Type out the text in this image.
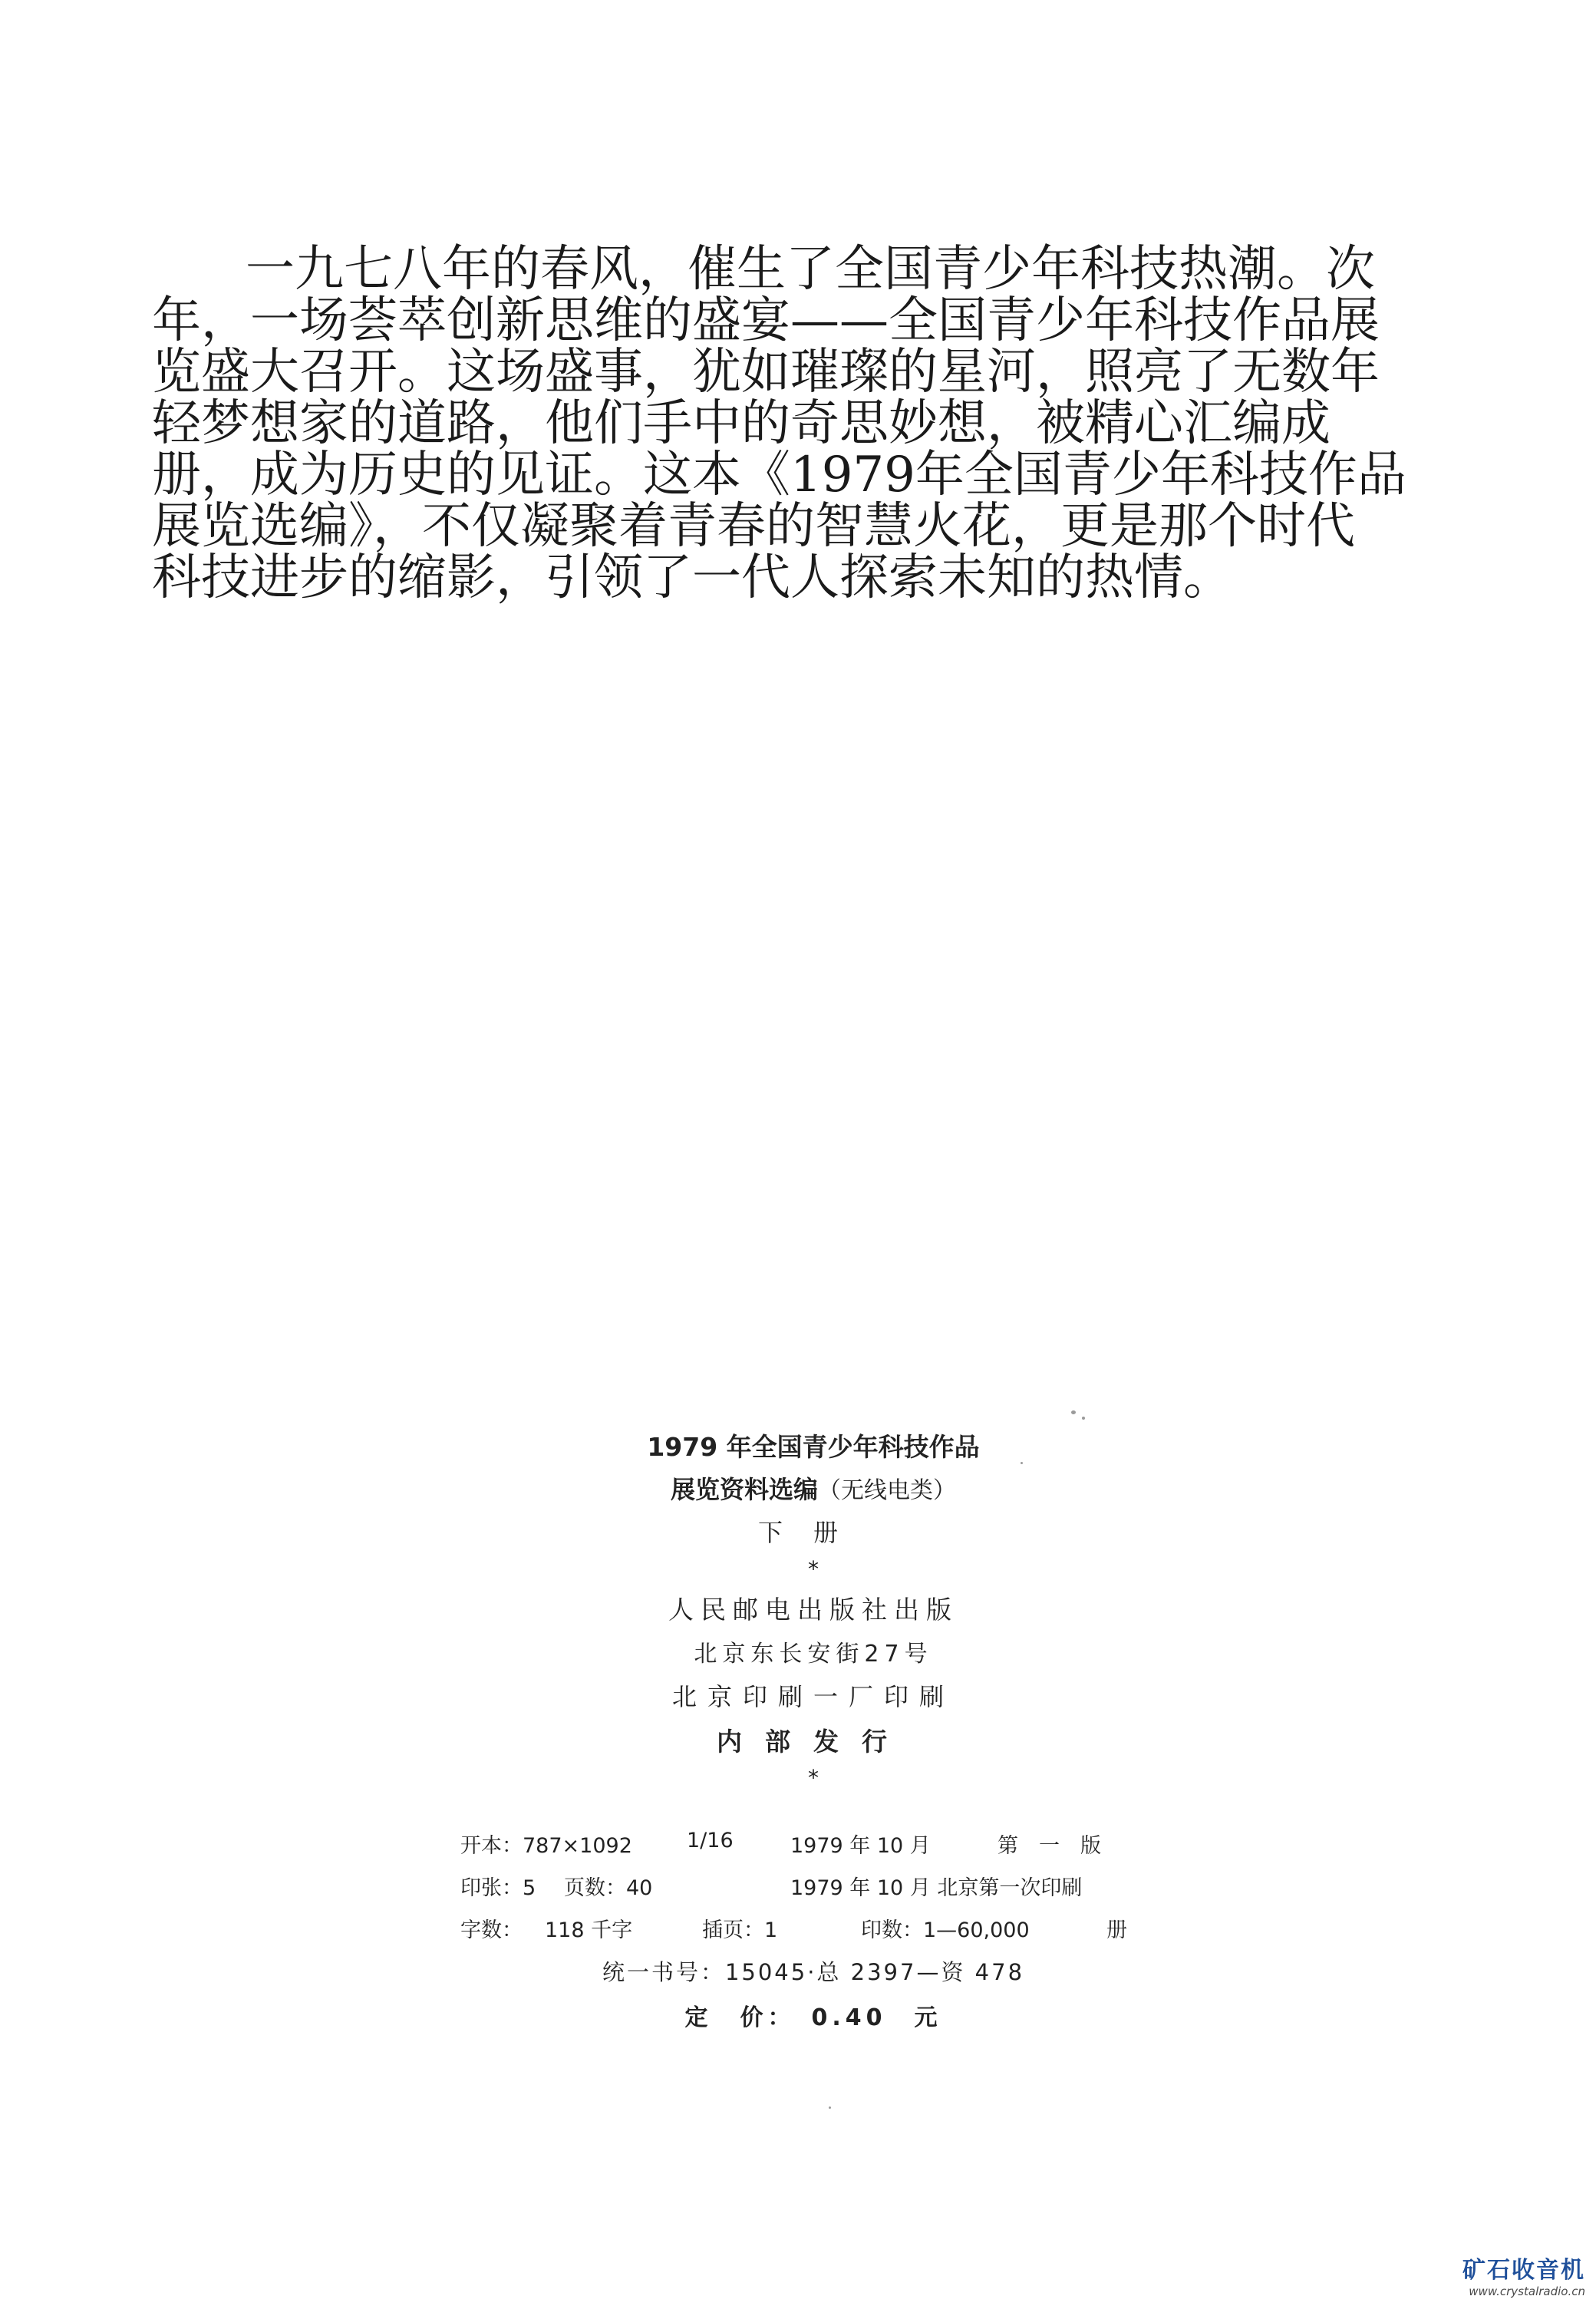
一九七八年的春风，催生了全国青少年科技热潮。次
年，一场荟萃创新思维的盛宴——全国青少年科技作品展
览盛大召开。这场盛事，犹如璀璨的星河，照亮了无数年
轻梦想家的道路，他们手中的奇思妙想，被精心汇编成
册，成为历史的见证。这本《1979年全国青少年科技作品
展览选编》，不仅凝聚着青春的智慧火花，更是那个时代
科技进步的缩影，引领了一代人探索未知的热情。
1979 年全国青少年科技作品
展览资料选编（无线电类）
下册
*
人民邮电出版社出版
北京东长安街27号
北京印刷一厂印刷
内部发行
*
开本：787×1092	1/16	1979 年 10 月	第　一　版
印张：5 页数：40	1979 年 10 月 北京第一次印刷
字数： 118 千字	插页：1	印数：1—60,000	册
统一书号：15045·总 2397—资 478
定　价：　0.40　元
矿石收音机
www.crystalradio.cn
